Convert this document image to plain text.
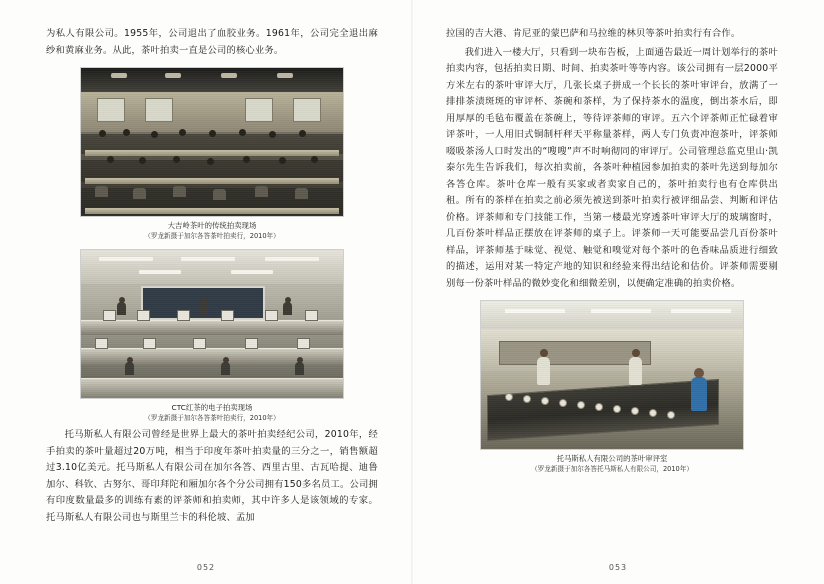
为私人有限公司。1955年，公司退出了血胶业务。1961年，公司完全退出麻纱和黄麻业务。从此，茶叶拍卖一直是公司的核心业务。

大吉岭茶叶的传统拍卖现场
（罗龙新摄于加尔各答茶叶拍卖行，2010年）
CTC红茶的电子拍卖现场
（罗龙新摄于加尔各答茶叶拍卖行，2010年）

托马斯私人有限公司曾经是世界上最大的茶叶拍卖经纪公司，2010年，经手拍卖的茶叶量超过20万吨，相当于印度年茶叶拍卖量的三分之一，销售额超过3.10亿美元。托马斯私人有限公司在加尔各答、西里古里、古瓦哈提、迪鲁加尔、科钦、古努尔、哥印拜陀和厢加尔各个分公司拥有150多名员工。公司拥有印度数量最多的训练有素的评茶师和拍卖师，其中许多人是该领域的专家。托马斯私人有限公司也与斯里兰卡的科伦坡、孟加

拉国的吉大港、肯尼亚的蒙巴萨和马拉维的林贝等茶叶拍卖行有合作。

我们进入一楼大厅，只看到一块布告板，上面通告最近一周计划举行的茶叶拍卖内容，包括拍卖日期、时间、拍卖茶叶等等内容。该公司拥有一层2000平方米左右的茶叶审评大厅，几张长桌子拼成一个长长的茶叶审评台，放满了一排排茶渍斑斑的审评杯、茶碗和茶样，为了保持茶水的温度，倒出茶水后，即用厚厚的毛毡布覆盖在茶碗上，等待评茶师的审评。五六个评茶师正忙碌着审评茶叶，一人用旧式铜制杆秤天平称量茶样，两人专门负责冲泡茶叶，评茶师啜吸茶汤人口时发出的“嗖嗖”声不时响彻同的审评厅。公司管理总监克里山·凯泰尔先生告诉我们，每次拍卖前，各茶叶种植园参加拍卖的茶叶先送到每加尔各答仓库。茶叶仓库一般有买家或者卖家自己的，茶叶拍卖行也有仓库供出租。所有的茶样在拍卖之前必须先被送到茶叶拍卖行被评细品尝、判断和评估价格。评茶师和专门技能工作，当第一楼最光穿透茶叶审评大厅的玻璃窗时，几百份茶叶样品正摆放在评茶师的桌子上。评茶师一天可能要品尝几百份茶叶样品，评茶师基于味觉、视觉、触觉和嗅觉对每个茶叶的色香味品质进行细致的描述，运用对某一特定产地的知识和经验来得出结论和估价。评茶师需要剔别每一份茶叶样品的微妙变化和细微差别，以便确定准确的拍卖价格。

托马斯私人有限公司的茶叶审评室
（罗龙新摄于加尔各答托马斯私人有限公司，2010年）
052	053
